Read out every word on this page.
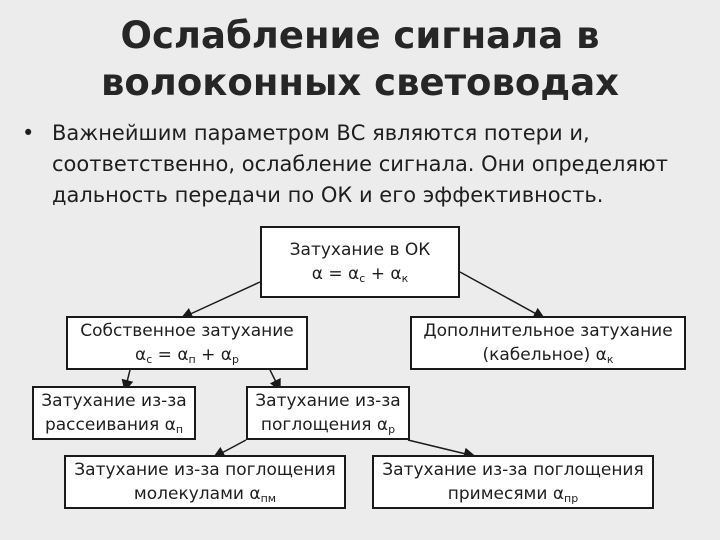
Ослабление сигнала в
волоконных световодах
• Важнейшим параметром ВС являются потери и, соответственно, ослабление сигнала. Они определяют дальность передачи по ОК и его эффективность.
Затухание в ОК
$\alpha = \alpha_с + \alpha_к$
Собственное затухание
$\alpha_с = \alpha_п + \alpha_р$
Дополнительное затухание
(кабельное) $\alpha_к$
Затухание из-за
рассеивания $\alpha_п$
Затухание из-за
поглощения $\alpha_р$
Затухание из-за поглощения
молекулами $\alpha_{пм}$
Затухание из-за поглощения
примесями $\alpha_{пр}$
